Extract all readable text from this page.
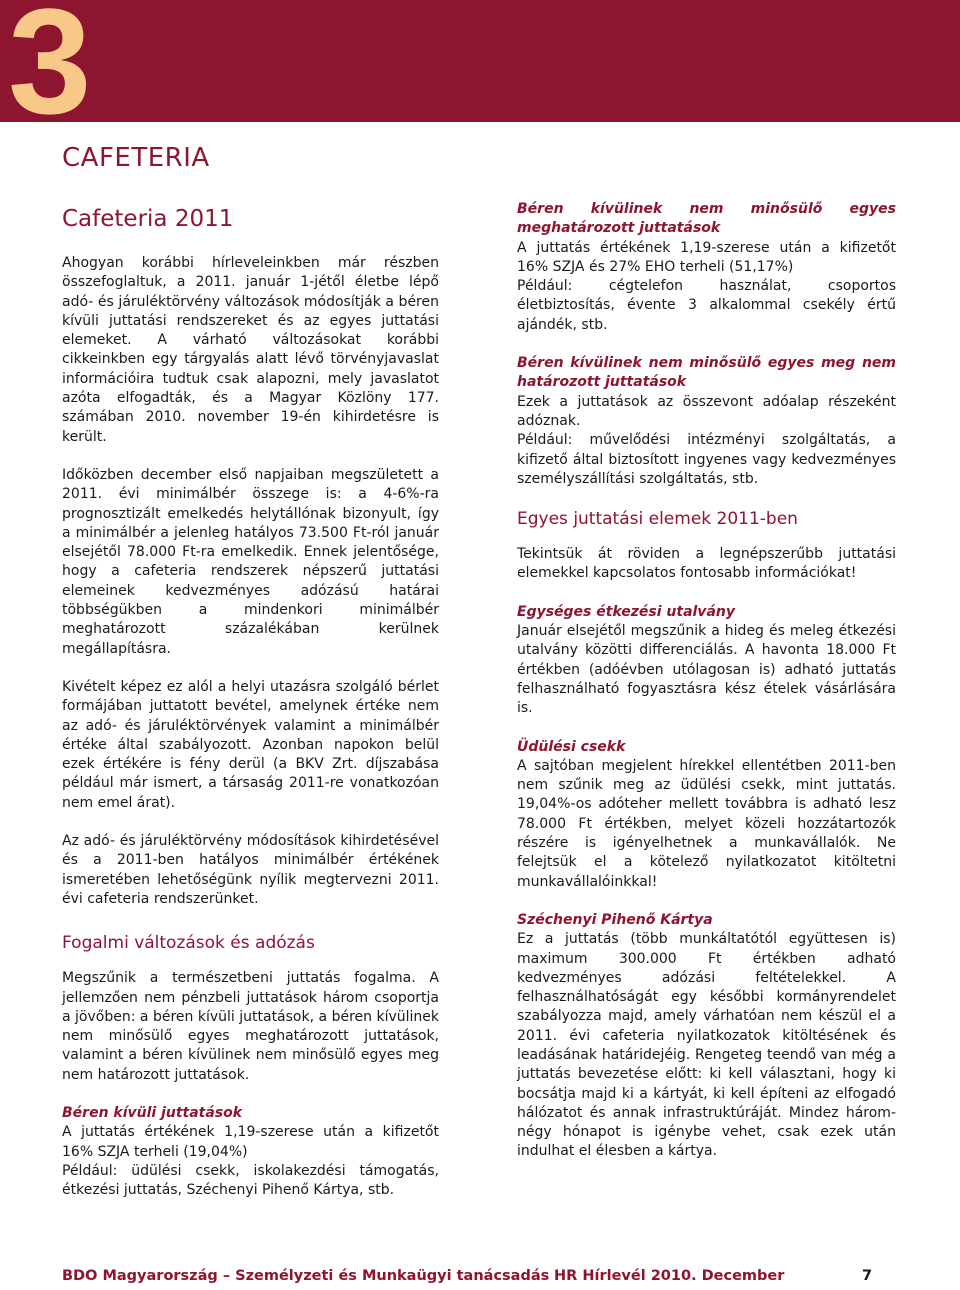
3
CAFETERIA
Cafeteria 2011

Ahogyan korábbi hírleveleinkben már részben összefoglaltuk, a 2011. január 1-jétől életbe lépő adó- és járuléktörvény változások módosítják a béren kívüli juttatási rendszereket és az egyes juttatási elemeket. A várható változásokat korábbi cikkeinkben egy tárgyalás alatt lévő törvényjavaslat információira tudtuk csak alapozni, mely javaslatot azóta elfogadták, és a Magyar Közlöny 177. számában 2010. november 19-én kihirdetésre is került.

Időközben december első napjaiban megszületett a 2011. évi minimálbér összege is: a 4-6%-ra prognosztizált emelkedés helytállónak bizonyult, így a minimálbér a jelenleg hatályos 73.500 Ft-ról január elsejétől 78.000 Ft-ra emelkedik. Ennek jelentősége, hogy a cafeteria rendszerek népszerű juttatási elemeinek kedvezményes adózású határai többségükben a mindenkori minimálbér meghatározott százalékában kerülnek megállapításra.

Kivételt képez ez alól a helyi utazásra szolgáló bérlet formájában juttatott bevétel, amelynek értéke nem az adó- és járuléktörvények valamint a minimálbér értéke által szabályozott. Azonban napokon belül ezek értékére is fény derül (a BKV Zrt. díjszabása például már ismert, a társaság 2011-re vonatkozóan nem emel árat).

Az adó- és járuléktörvény módosítások kihirdetésével és a 2011-ben hatályos minimálbér értékének ismeretében lehetőségünk nyílik megtervezni 2011. évi cafeteria rendszerünket.

Fogalmi változások és adózás

Megszűnik a természetbeni juttatás fogalma. A jellemzően nem pénzbeli juttatások három csoportja a jövőben: a béren kívüli juttatások, a béren kívülinek nem minősülő egyes meghatározott juttatások, valamint a béren kívülinek nem minősülő egyes meg nem határozott juttatások.

Béren kívüli juttatások

A juttatás értékének 1,19-szerese után a kifizetőt 16% SZJA terheli (19,04%)

Például: üdülési csekk, iskolakezdési támogatás, étkezési juttatás, Széchenyi Pihenő Kártya, stb.

Béren kívülinek nem minősülő egyes meghatározott juttatások

A juttatás értékének 1,19-szerese után a kifizetőt 16% SZJA és 27% EHO terheli (51,17%)

Például: cégtelefon használat, csoportos életbiztosítás, évente 3 alkalommal csekély értű ajándék, stb.

Béren kívülinek nem minősülő egyes meg nem határozott juttatások

Ezek a juttatások az összevont adóalap részeként adóznak.

Például: művelődési intézményi szolgáltatás, a kifizető által biztosított ingyenes vagy kedvezményes személyszállítási szolgáltatás, stb.

Egyes juttatási elemek 2011-ben

Tekintsük át röviden a legnépszerűbb juttatási elemekkel kapcsolatos fontosabb információkat!

Egységes étkezési utalvány

Január elsejétől megszűnik a hideg és meleg étkezési utalvány közötti differenciálás. A havonta 18.000 Ft értékben (adóévben utólagosan is) adható juttatás felhasználható fogyasztásra kész ételek vásárlására is.

Üdülési csekk

A sajtóban megjelent hírekkel ellentétben 2011-ben nem szűnik meg az üdülési csekk, mint juttatás. 19,04%-os adóteher mellett továbbra is adható lesz 78.000 Ft értékben, melyet közeli hozzátartozók részére is igényelhetnek a munkavállalók. Ne felejtsük el a kötelező nyilatkozatot kitöltetni munkavállalóinkkal!

Széchenyi Pihenő Kártya

Ez a juttatás (több munkáltatótól együttesen is) maximum 300.000 Ft értékben adható kedvezményes adózási feltételekkel. A felhasználhatóságát egy későbbi kormányrendelet szabályozza majd, amely várhatóan nem készül el a 2011. évi cafeteria nyilatkozatok kitöltésének és leadásának határidejéig. Rengeteg teendő van még a juttatás bevezetése előtt: ki kell választani, hogy ki bocsátja majd ki a kártyát, ki kell építeni az elfogadó hálózatot és annak infrastruktúráját. Mindez három-négy hónapot is igénybe vehet, csak ezek után indulhat el élesben a kártya.

BDO Magyarország – Személyzeti és Munkaügyi tanácsadás HR Hírlevél 2010. December	7
